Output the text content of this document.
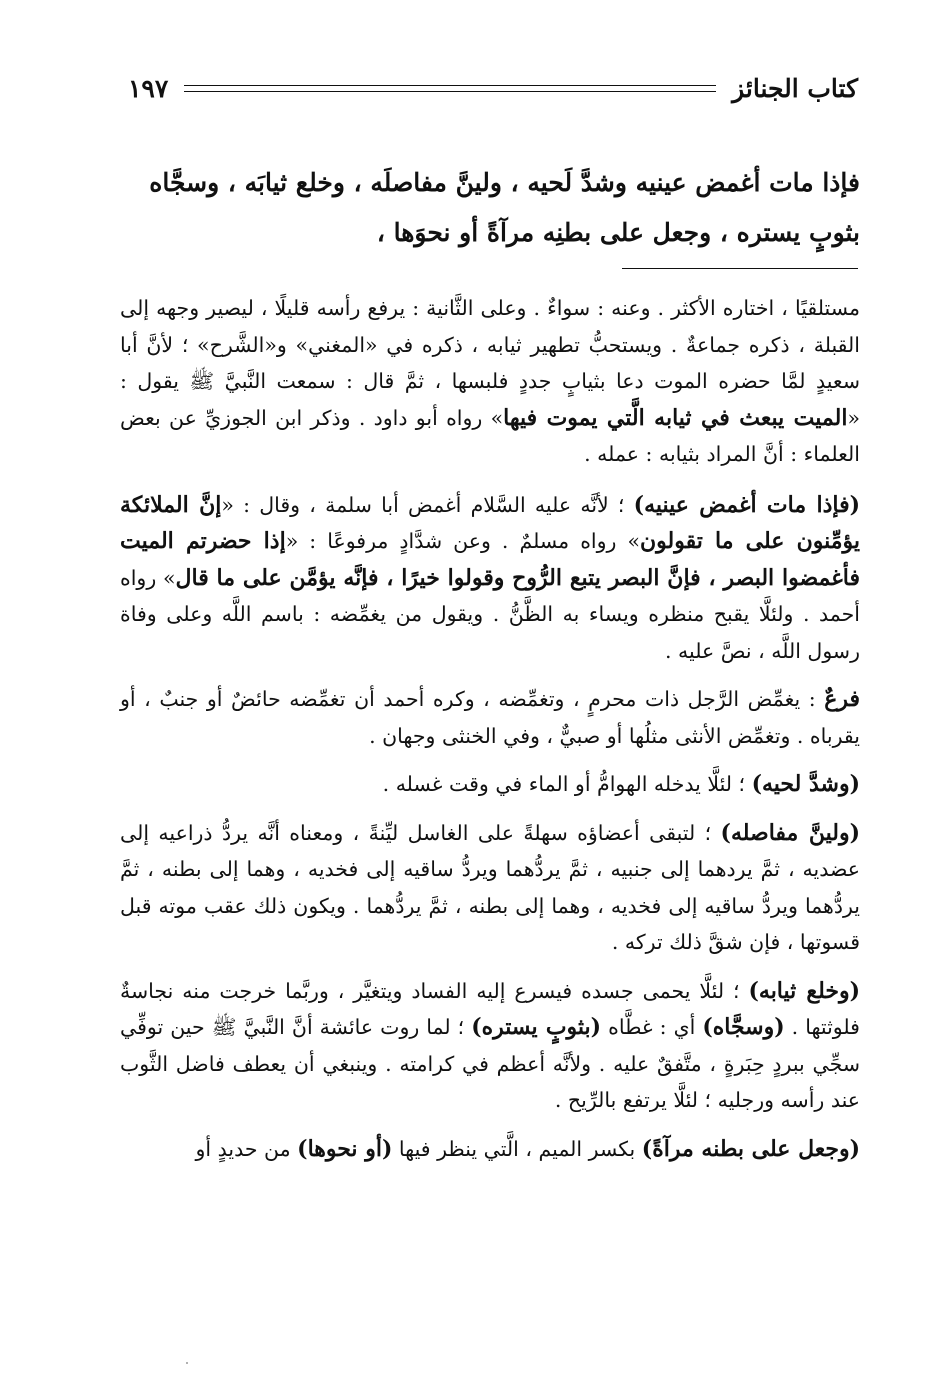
كتاب الجنائز
١٩٧

فإذا مات أغمض عينيه وشدَّ لَحيه ، ولينَّ مفاصلَه ، وخلع ثيابَه ، وسجَّاه

بثوبٍ يستره ، وجعل على بطنِه مرآةً أو نحوَها ،

مستلقيًا ، اختاره الأكثر . وعنه : سواءٌ . وعلى الثَّانية : يرفع رأسه قليلًا ، ليصير وجهه إلى القبلة ، ذكره جماعةٌ . ويستحبُّ تطهير ثيابه ، ذكره في «المغني» و«الشَّرح» ؛ لأنَّ أبا سعيدٍ لمَّا حضره الموت دعا بثيابٍ جددٍ فلبسها ، ثمَّ قال : سمعت النَّبيَّ ﷺ يقول : «الميت يبعث في ثيابه الَّتي يموت فيها» رواه أبو داود . وذكر ابن الجوزيِّ عن بعض العلماء : أنَّ المراد بثيابه : عمله .

(فإذا مات أغمض عينيه) ؛ لأنَّه عليه السَّلام أغمض أبا سلمة ، وقال : «إنَّ الملائكة يؤمِّنون على ما تقولون» رواه مسلمٌ . وعن شدَّادٍ مرفوعًا : «إذا حضرتم الميت فأغمضوا البصر ، فإنَّ البصر يتبع الرُّوح وقولوا خيرًا ، فإنَّه يؤمَّن على ما قال» رواه أحمد . ولئلَّا يقبح منظره ويساء به الظَّنُّ . ويقول من يغمِّضه : باسم اللَّه وعلى وفاة رسول اللَّه ، نصَّ عليه .

فرعٌ : يغمِّض الرَّجل ذات محرمٍ ، وتغمِّضه ، وكره أحمد أن تغمِّضه حائضٌ أو جنبٌ ، أو يقرباه . وتغمِّض الأنثى مثلُها أو صبيٌّ ، وفي الخنثى وجهان .

(وشدَّ لحيه) ؛ لئلَّا يدخله الهوامُّ أو الماء في وقت غسله .

(ولينَّ مفاصله) ؛ لتبقى أعضاؤه سهلةً على الغاسل ليِّنةً ، ومعناه أنَّه يردُّ ذراعيه إلى عضديه ، ثمَّ يردهما إلى جنبيه ، ثمَّ يردُّهما ويردُّ ساقيه إلى فخديه ، وهما إلى بطنه ، ثمَّ يردُّهما ويردُّ ساقيه إلى فخديه ، وهما إلى بطنه ، ثمَّ يردُّهما . ويكون ذلك عقب موته قبل قسوتها ، فإن شقَّ ذلك تركه .

(وخلع ثيابه) ؛ لئلَّا يحمى جسده فيسرع إليه الفساد ويتغيَّر ، وربَّما خرجت منه نجاسةٌ فلوثتها . (وسجَّاه) أي : غطَّاه (بثوبٍ يستره) ؛ لما روت عائشة أنَّ النَّبيَّ ﷺ حين توفِّي سجِّي ببردٍ حِبَرةٍ ، متَّفقٌ عليه . ولأنَّه أعظم في كرامته . وينبغي أن يعطف فاضل الثَّوب عند رأسه ورجليه ؛ لئلَّا يرتفع بالرِّيح .

(وجعل على بطنه مرآةً) بكسر الميم ، الَّتي ينظر فيها (أو نحوها) من حديدٍ أو
